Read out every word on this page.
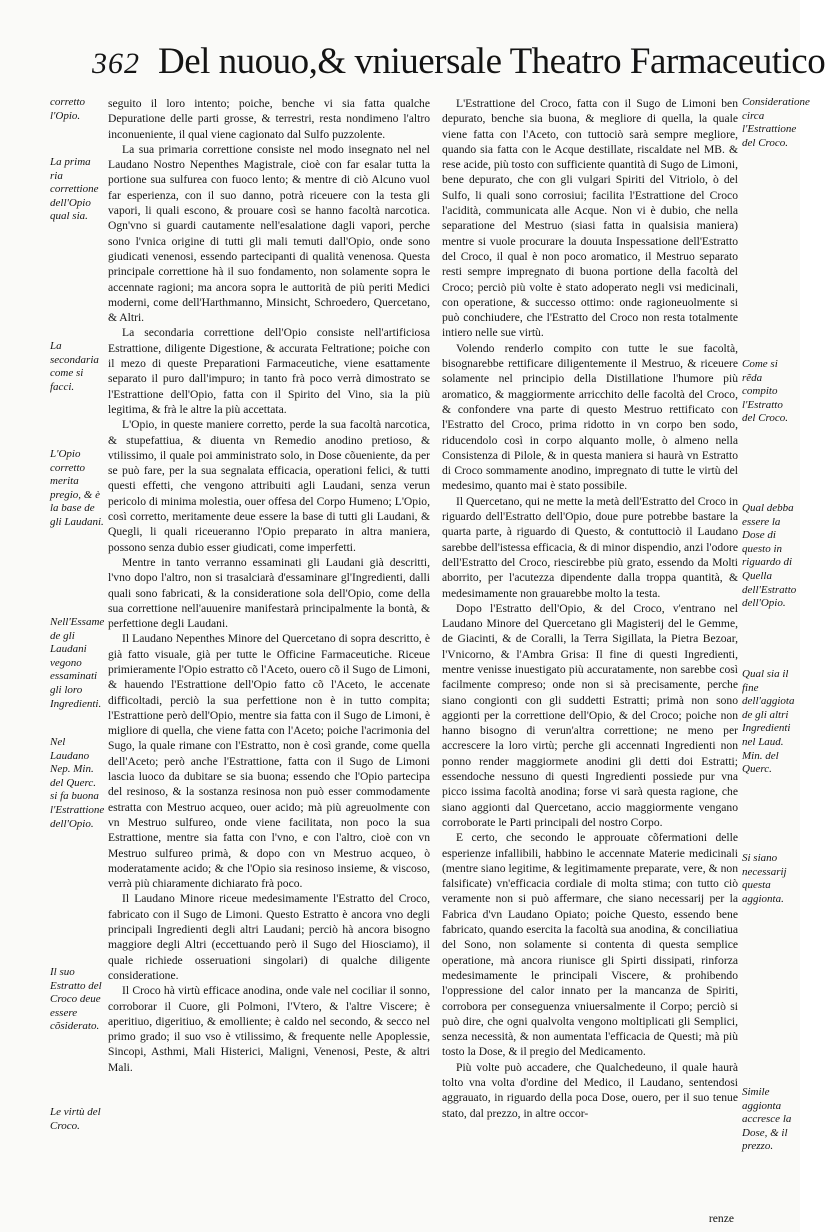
362 Del nuouo,& vniuersale Theatro Farmaceutico
corretto l'Opio.
La prima ria correttione dell'Opio qual sia.
La secondaria come si facci.
L'Opio corretto merita pregio, & è la base de gli Laudani.
Nell'Essame de gli Laudani vegono essaminati gli loro Ingredienti.
Nel Laudano Nep. Min. del Querc. si fa buona l'Estrattione dell'Opio.
Il suo Estratto del Croco deue essere cõsiderato.
Le virtù del Croco.

seguito il loro intento; poiche, benche vi sia fatta qualche Depuratione delle parti grosse, & terrestri, resta nondimeno l'altro inconueniente, il qual viene cagionato dal Sulfo puzzolente.

La sua primaria correttione consiste nel modo insegnato nel nel Laudano Nostro Nepenthes Magistrale, cioè con far esalar tutta la portione sua sulfurea con fuoco lento; & mentre di ciò Alcuno vuol far esperienza, con il suo danno, potrà riceuere con la testa gli vapori, li quali escono, & prouare così se hanno facoltà narcotica. Ogn'vno si guardi cautamente nell'esalatione dagli vapori, perche sono l'vnica origine di tutti gli mali temuti dall'Opio, onde sono giudicati venenosi, essendo partecipanti di qualità venenosa. Questa principale correttione hà il suo fondamento, non solamente sopra le accennate ragioni; ma ancora sopra le auttorità de più periti Medici moderni, come dell'Harthmanno, Minsicht, Schroedero, Quercetano, & Altri.

La secondaria correttione dell'Opio consiste nell'artificiosa Estrattione, diligente Digestione, & accurata Feltratione; poiche con il mezo di queste Preparationi Farmaceutiche, viene esattamente separato il puro dall'impuro; in tanto frà poco verrà dimostrato se l'Estrattione dell'Opio, fatta con il Spirito del Vino, sia la più legitima, & frà le altre la più accettata.

L'Opio, in queste maniere corretto, perde la sua facoltà narcotica, & stupefattiua, & diuenta vn Remedio anodino pretioso, & vtilissimo, il quale poi amministrato solo, in Dose cõueniente, da per se può fare, per la sua segnalata efficacia, operationi felici, & tutti questi effetti, che vengono attribuiti agli Laudani, senza verun pericolo di minima molestia, ouer offesa del Corpo Humeno; L'Opio, così corretto, meritamente deue essere la base di tutti gli Laudani, & Quegli, li quali riceueranno l'Opio preparato in altra maniera, possono senza dubio esser giudicati, come imperfetti.

Mentre in tanto verranno essaminati gli Laudani già descritti, l'vno dopo l'altro, non si trasalciarà d'essaminare gl'Ingredienti, dalli quali sono fabricati, & la consideratione sola dell'Opio, come della sua correttione nell'auuenire manifestarà principalmente la bontà, & perfettione degli Laudani.

Il Laudano Nepenthes Minore del Quercetano di sopra descritto, è già fatto visuale, già per tutte le Officine Farmaceutiche. Riceue primieramente l'Opio estratto cõ l'Aceto, ouero cõ il Sugo de Limoni, & hauendo l'Estrattione dell'Opio fatto cõ l'Aceto, le accenate difficoltadi, perciò la sua perfettione non è in tutto compita; l'Estrattione però dell'Opio, mentre sia fatta con il Sugo de Limoni, è migliore di quella, che viene fatta con l'Aceto; poiche l'acrimonia del Sugo, la quale rimane con l'Estratto, non è così grande, come quella dell'Aceto; però anche l'Estrattione, fatta con il Sugo de Limoni lascia luoco da dubitare se sia buona; essendo che l'Opio partecipa del resinoso, & la sostanza resinosa non può esser commodamente estratta con Mestruo acqueo, ouer acido; mà più agreuolmente con vn Mestruo sulfureo, onde viene facilitata, non poco la sua Estrattione, mentre sia fatta con l'vno, e con l'altro, cioè con vn Mestruo sulfureo primà, & dopo con vn Mestruo acqueo, ò moderatamente acido; & che l'Opio sia resinoso insieme, & viscoso, verrà più chiaramente dichiarato frà poco.

Il Laudano Minore riceue medesimamente l'Estratto del Croco, fabricato con il Sugo de Limoni. Questo Estratto è ancora vno degli principali Ingredienti degli altri Laudani; perciò hà ancora bisogno maggiore degli Altri (eccettuando però il Sugo del Hiosciamo), il quale richiede osseruationi singolari) di qualche diligente consideratione.

Il Croco hà virtù efficace anodina, onde vale nel cociliar il sonno, corroborar il Cuore, gli Polmoni, l'Vtero, & l'altre Viscere; è aperitiuo, digeritiuo, & emolliente; è caldo nel secondo, & secco nel primo grado; il suo vso è vtilissimo, & frequente nelle Apoplessie, Sincopi, Asthmi, Mali Histerici, Maligni, Venenosi, Peste, & altri Mali.

L'Estrattione del Croco, fatta con il Sugo de Limoni ben depurato, benche sia buona, & megliore di quella, la quale viene fatta con l'Aceto, con tuttociò sarà sempre megliore, quando sia fatta con le Acque destillate, riscaldate nel MB. & rese acide, più tosto con sufficiente quantità di Sugo de Limoni, bene depurato, che con gli vulgari Spiriti del Vitriolo, ò del Sulfo, li quali sono corrosiui; facilita l'Estrattione del Croco l'acidità, communicata alle Acque. Non vi è dubio, che nella separatione del Mestruo (siasi fatta in qualsisia maniera) mentre si vuole procurare la douuta Inspessatione dell'Estratto del Croco, il qual è non poco aromatico, il Mestruo separato resti sempre impregnato di buona portione della facoltà del Croco; perciò più volte è stato adoperato negli vsi medicinali, con operatione, & successo ottimo: onde ragioneuolmente si può conchiudere, che l'Estratto del Croco non resta totalmente intiero nelle sue virtù.

Volendo renderlo compito con tutte le sue facoltà, bisognarebbe rettificare diligentemente il Mestruo, & riceuere solamente nel principio della Distillatione l'humore più aromatico, & maggiormente arricchito delle facoltà del Croco, & confondere vna parte di questo Mestruo rettificato con l'Estratto del Croco, prima ridotto in vn corpo ben sodo, riducendolo così in corpo alquanto molle, ò almeno nella Consistenza di Pilole, & in questa maniera si haurà vn Estratto di Croco sommamente anodino, impregnato di tutte le virtù del medesimo, quanto mai è stato possibile.

Il Quercetano, qui ne mette la metà dell'Estratto del Croco in riguardo dell'Estratto dell'Opio, doue pure potrebbe bastare la quarta parte, à riguardo di Questo, & contuttociò il Laudano sarebbe dell'istessa efficacia, & di minor dispendio, anzi l'odore dell'Estratto del Croco, riescirebbe più grato, essendo da Molti aborrito, per l'acutezza dipendente dalla troppa quantità, & medesimamente non grauarebbe molto la testa.

Dopo l'Estratto dell'Opio, & del Croco, v'entrano nel Laudano Minore del Quercetano gli Magisterij del le Gemme, de Giacinti, & de Coralli, la Terra Sigillata, la Pietra Bezoar, l'Vnicorno, & l'Ambra Grisa: Il fine di questi Ingredienti, mentre venisse inuestigato più accuratamente, non sarebbe così facilmente compreso; onde non si sà precisamente, perche siano congionti con gli suddetti Estratti; primà non sono aggionti per la correttione dell'Opio, & del Croco; poiche non hanno bisogno di verun'altra correttione; ne meno per accrescere la loro virtù; perche gli accennati Ingredienti non ponno render maggiormete anodini gli detti doi Estratti; essendoche nessuno di questi Ingredienti possiede pur vna picco issima facoltà anodina; forse vi sarà questa ragione, che siano aggionti dal Quercetano, accio maggiormente vengano corroborate le Parti principali del nostro Corpo.

E certo, che secondo le approuate cõfermationi delle esperienze infallibili, habbino le accennate Materie medicinali (mentre siano legitime, & legitimamente preparate, vere, & non falsificate) vn'efficacia cordiale di molta stima; con tutto ciò veramente non si può affermare, che siano necessarij per la Fabrica d'vn Laudano Opiato; poiche Questo, essendo bene fabricato, quando esercita la facoltà sua anodina, & conciliatiua del Sono, non solamente si contenta di questa semplice operatione, mà ancora riunisce gli Spirti dissipati, rinforza medesimamente le principali Viscere, & prohibendo l'oppressione del calor innato per la mancanza de Spiriti, corrobora per conseguenza vniuersalmente il Corpo; perciò si può dire, che ogni qualvolta vengono moltiplicati gli Semplici, senza necessità, & non aumentata l'efficacia de Questi; mà più tosto la Dose, & il pregio del Medicamento.

Più volte può accadere, che Qualchedeuno, il quale haurà tolto vna volta d'ordine del Medico, il Laudano, sentendosi aggrauato, in riguardo della poca Dose, ouero, per il suo tenue stato, dal prezzo, in altre occor-

Consideratione circa l'Estrattione del Croco.
Come si rẽda compito l'Estratto del Croco.
Qual debba essere la Dose di questo in riguardo di Quella dell'Estratto dell'Opio.
Qual sia il fine dell'aggiota de gli altri Ingredienti nel Laud. Min. del Querc.
Si siano necessarij questa aggionta.
Simile aggionta accresce la Dose, & il prezzo.
renze
